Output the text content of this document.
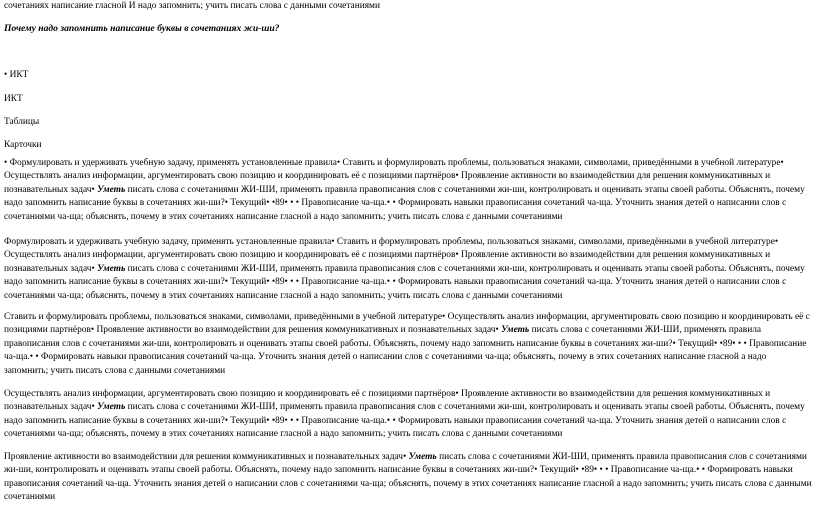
сочетаниях написание гласной И надо запомнить; учить писать слова с данными сочетаниями

Почему надо запомнить написание буквы в сочетаниях жи-ши?

• ИКТ

ИКТ

Таблицы

Карточки

• Формулировать и удерживать учебную задачу, применять установленные правила• Ставить и формулировать проблемы, пользоваться знаками, символами, приведёнными в учебной литературе• Осуществлять анализ информации, аргументировать свою позицию и координировать её с позициями партнёров• Проявление активности во взаимодействии для решения коммуникативных и познавательных задач• Уметь писать слова с сочетаниями ЖИ-ШИ, применять правила правописания слов с сочетаниями жи-ши, контролировать и оценивать этапы своей работы. Объяснять, почему надо запомнить написание буквы в сочетаниях жи-ши?• Текущий• •89• • • Правописание ча-ща.• • Формировать навыки правописания сочетаний ча-ща. Уточнить знания детей о написании слов с сочетаниями ча-ща; объяснять, почему в этих сочетаниях написание гласной а надо запомнить; учить писать слова с данными сочетаниями

Формулировать и удерживать учебную задачу, применять установленные правила• Ставить и формулировать проблемы, пользоваться знаками, символами, приведёнными в учебной литературе• Осуществлять анализ информации, аргументировать свою позицию и координировать её с позициями партнёров• Проявление активности во взаимодействии для решения коммуникативных и познавательных задач• Уметь писать слова с сочетаниями ЖИ-ШИ, применять правила правописания слов с сочетаниями жи-ши, контролировать и оценивать этапы своей работы. Объяснять, почему надо запомнить написание буквы в сочетаниях жи-ши?• Текущий• •89• • • Правописание ча-ща.• • Формировать навыки правописания сочетаний ча-ща. Уточнить знания детей о написании слов с сочетаниями ча-ща; объяснять, почему в этих сочетаниях написание гласной а надо запомнить; учить писать слова с данными сочетаниями

Ставить и формулировать проблемы, пользоваться знаками, символами, приведёнными в учебной литературе• Осуществлять анализ информации, аргументировать свою позицию и координировать её с позициями партнёров• Проявление активности во взаимодействии для решения коммуникативных и познавательных задач• Уметь писать слова с сочетаниями ЖИ-ШИ, применять правила правописания слов с сочетаниями жи-ши, контролировать и оценивать этапы своей работы. Объяснять, почему надо запомнить написание буквы в сочетаниях жи-ши?• Текущий• •89• • • Правописание ча-ща.• • Формировать навыки правописания сочетаний ча-ща. Уточнить знания детей о написании слов с сочетаниями ча-ща; объяснять, почему в этих сочетаниях написание гласной а надо запомнить; учить писать слова с данными сочетаниями

Осуществлять анализ информации, аргументировать свою позицию и координировать её с позициями партнёров• Проявление активности во взаимодействии для решения коммуникативных и познавательных задач• Уметь писать слова с сочетаниями ЖИ-ШИ, применять правила правописания слов с сочетаниями жи-ши, контролировать и оценивать этапы своей работы. Объяснять, почему надо запомнить написание буквы в сочетаниях жи-ши?• Текущий• •89• • • Правописание ча-ща.• • Формировать навыки правописания сочетаний ча-ща. Уточнить знания детей о написании слов с сочетаниями ча-ща; объяснять, почему в этих сочетаниях написание гласной а надо запомнить; учить писать слова с данными сочетаниями

Проявление активности во взаимодействии для решения коммуникативных и познавательных задач• Уметь писать слова с сочетаниями ЖИ-ШИ, применять правила правописания слов с сочетаниями жи-ши, контролировать и оценивать этапы своей работы. Объяснять, почему надо запомнить написание буквы в сочетаниях жи-ши?• Текущий• •89• • • Правописание ча-ща.• • Формировать навыки правописания сочетаний ча-ща. Уточнить знания детей о написании слов с сочетаниями ча-ща; объяснять, почему в этих сочетаниях написание гласной а надо запомнить; учить писать слова с данными сочетаниями
